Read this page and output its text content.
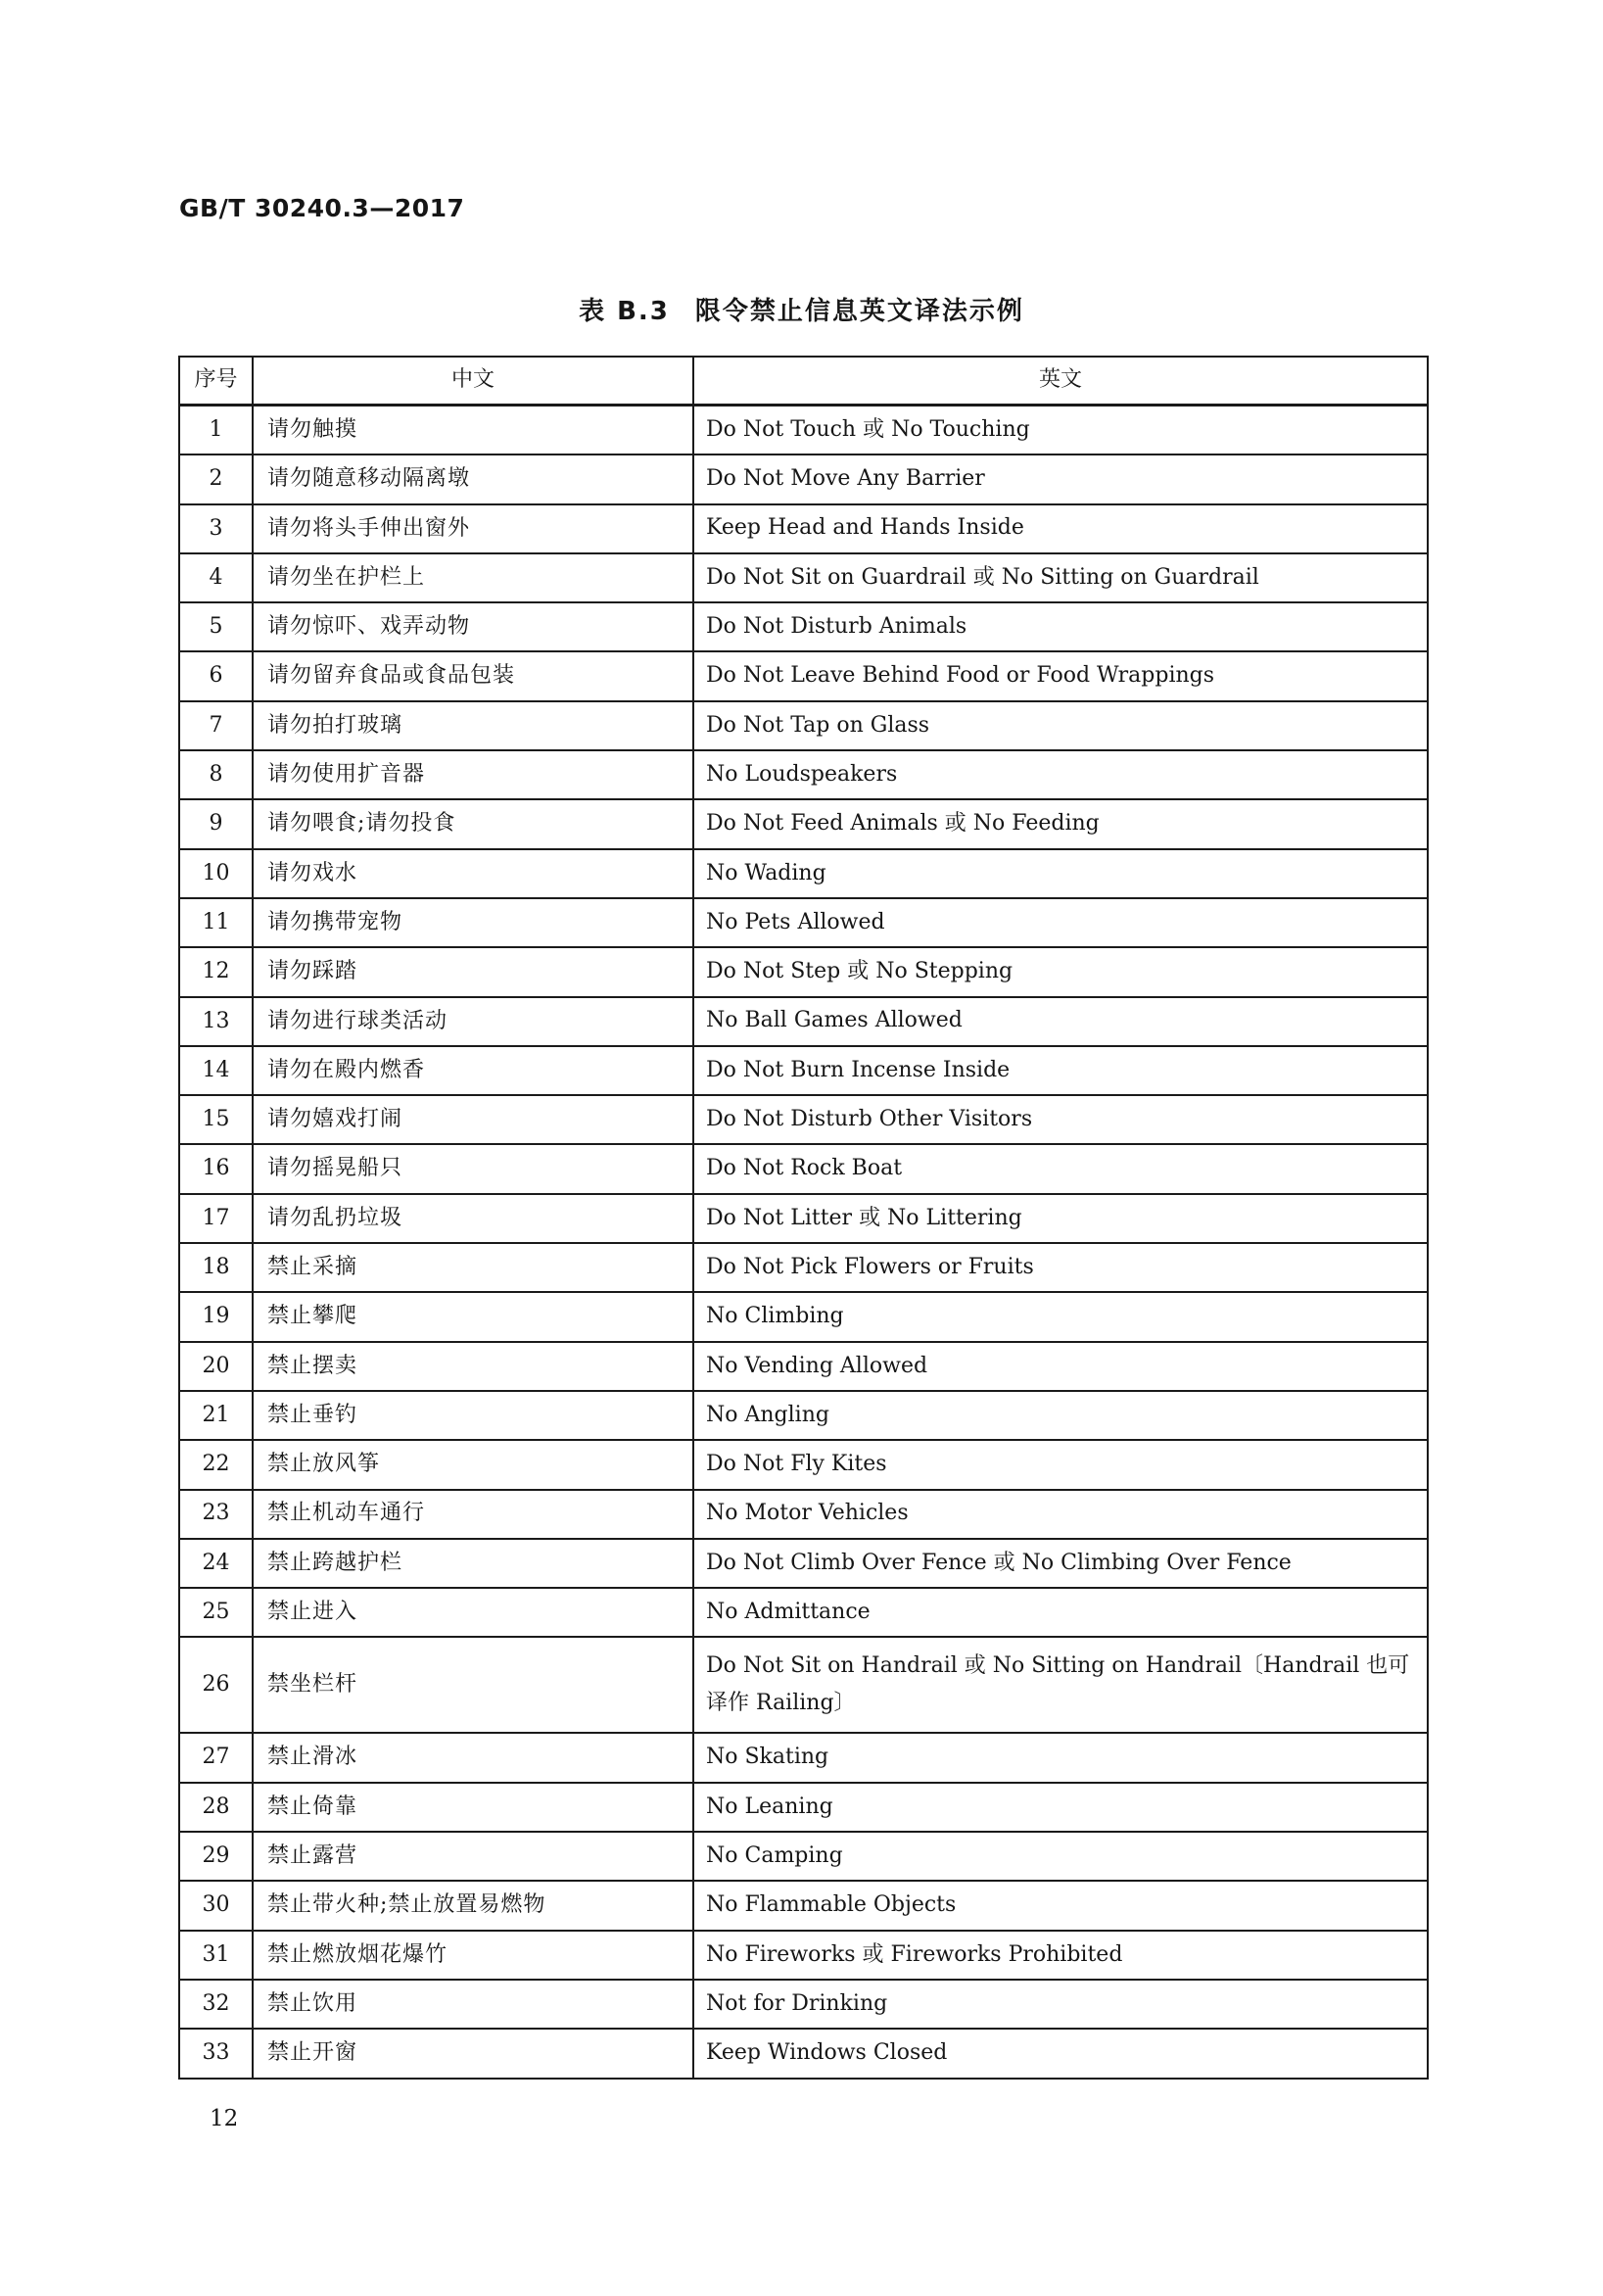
GB/T 30240.3—2017
表 B.3 限令禁止信息英文译法示例
序号	中文	英文
1	请勿触摸	Do Not Touch 或 No Touching
2	请勿随意移动隔离墩	Do Not Move Any Barrier
3	请勿将头手伸出窗外	Keep Head and Hands Inside
4	请勿坐在护栏上	Do Not Sit on Guardrail 或 No Sitting on Guardrail
5	请勿惊吓、戏弄动物	Do Not Disturb Animals
6	请勿留弃食品或食品包装	Do Not Leave Behind Food or Food Wrappings
7	请勿拍打玻璃	Do Not Tap on Glass
8	请勿使用扩音器	No Loudspeakers
9	请勿喂食;请勿投食	Do Not Feed Animals 或 No Feeding
10	请勿戏水	No Wading
11	请勿携带宠物	No Pets Allowed
12	请勿踩踏	Do Not Step 或 No Stepping
13	请勿进行球类活动	No Ball Games Allowed
14	请勿在殿内燃香	Do Not Burn Incense Inside
15	请勿嬉戏打闹	Do Not Disturb Other Visitors
16	请勿摇晃船只	Do Not Rock Boat
17	请勿乱扔垃圾	Do Not Litter 或 No Littering
18	禁止采摘	Do Not Pick Flowers or Fruits
19	禁止攀爬	No Climbing
20	禁止摆卖	No Vending Allowed
21	禁止垂钓	No Angling
22	禁止放风筝	Do Not Fly Kites
23	禁止机动车通行	No Motor Vehicles
24	禁止跨越护栏	Do Not Climb Over Fence 或 No Climbing Over Fence
25	禁止进入	No Admittance
26	禁坐栏杆	Do Not Sit on Handrail 或 No Sitting on Handrail〔Handrail 也可译作 Railing〕
27	禁止滑冰	No Skating
28	禁止倚靠	No Leaning
29	禁止露营	No Camping
30	禁止带火种;禁止放置易燃物	No Flammable Objects
31	禁止燃放烟花爆竹	No Fireworks 或 Fireworks Prohibited
32	禁止饮用	Not for Drinking
33	禁止开窗	Keep Windows Closed
12
